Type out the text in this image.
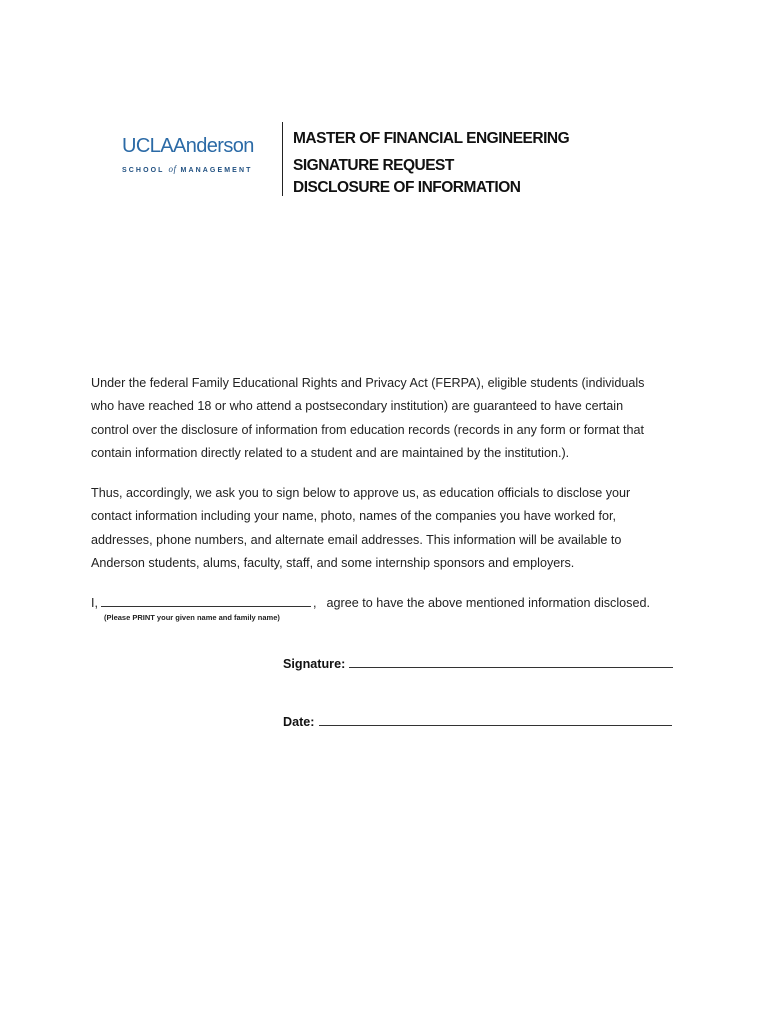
UCLAAnderson
SCHOOL of MANAGEMENT
MASTER OF FINANCIAL ENGINEERING
SIGNATURE REQUEST
DISCLOSURE OF INFORMATION
Under the federal Family Educational Rights and Privacy Act (FERPA), eligible students (individuals
who have reached 18 or who attend a postsecondary institution) are guaranteed to have certain
control over the disclosure of information from education records (records in any form or format that
contain information directly related to a student and are maintained by the institution.).
Thus, accordingly, we ask you to sign below to approve us, as education officials to disclose your
contact information including your name, photo, names of the companies you have worked for,
addresses, phone numbers, and alternate email addresses. This information will be available to
Anderson students, alums, faculty, staff, and some internship sponsors and employers.
I,	, agree to have the above mentioned information disclosed.
(Please PRINT your given name and family name)
Signature:
Date:
